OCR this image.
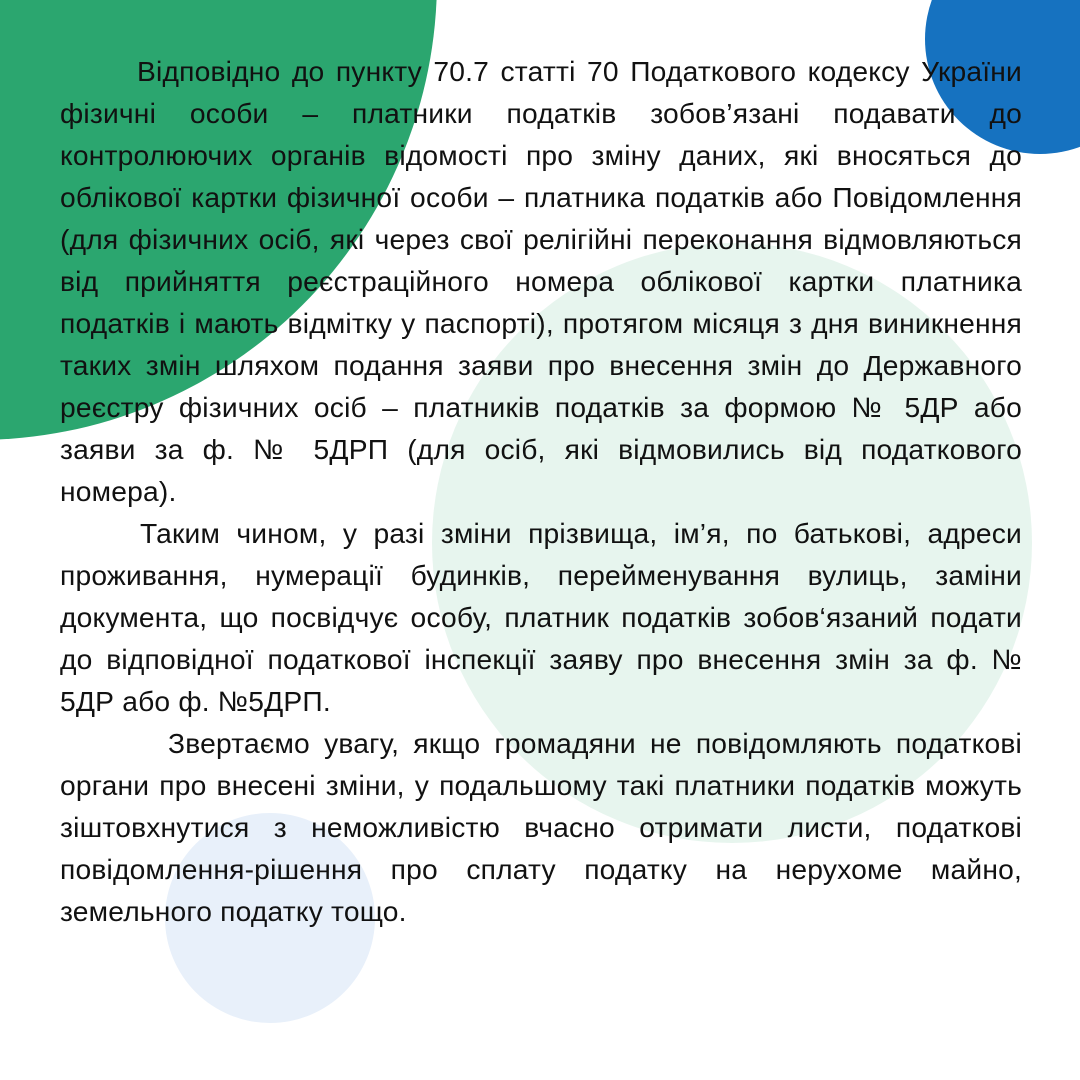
Відповідно до пункту 70.7 статті 70 Податкового кодексу України фізичні особи – платники податків зобов’язані подавати до контролюючих органів відомості про зміну даних, які вносяться до облікової картки фізичної особи – платника податків або Повідомлення (для фізичних осіб, які через свої релігійні переконання відмовляються від прийняття реєстраційного номера облікової картки платника податків і мають відмітку у паспорті), протягом місяця з дня виникнення таких змін шляхом подання заяви про внесення змін до Державного реєстру фізичних осіб – платників податків за формою № 5ДР або заяви за ф. № 5ДРП (для осіб, які відмовились від податкового номера).

Таким чином, у разі зміни прізвища, ім’я, по батькові, адреси проживання, нумерації будинків, перейменування вулиць, заміни документа, що посвідчує особу, платник податків зобов‘язаний подати до відповідної податкової інспекції заяву про внесення змін за ф. № 5ДР або ф. №5ДРП.

Звертаємо увагу, якщо громадяни не повідомляють податкові органи про внесені зміни, у подальшому такі платники податків можуть зіштовхнутися з неможливістю вчасно отримати листи, податкові повідомлення-рішення про сплату податку на нерухоме майно, земельного податку тощо.
